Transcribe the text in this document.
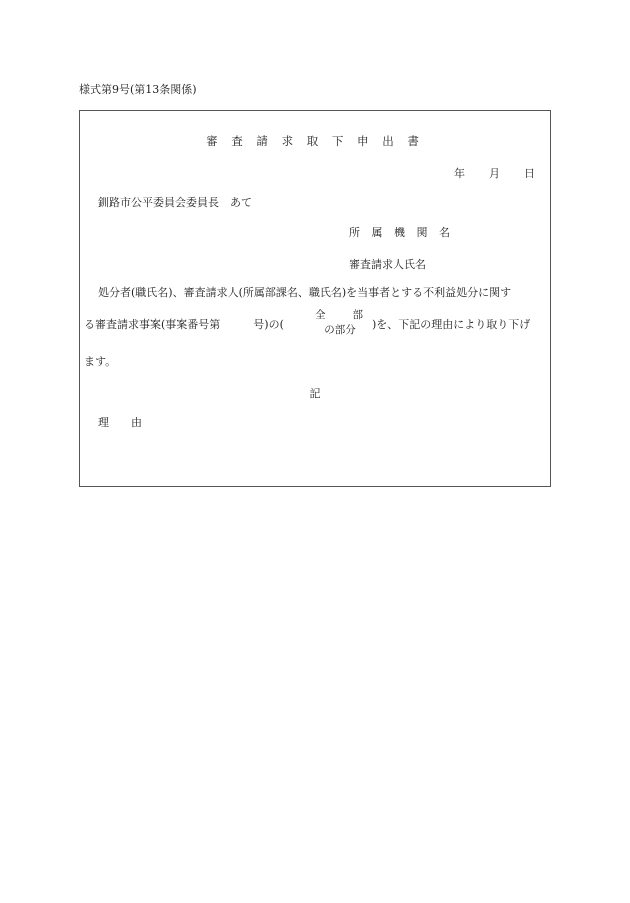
様式第9号(第13条関係)
審 査 請 求 取 下 申 出 書
年 月 日
釧路市公平委員会委員長　あて
所 属 機 関 名
審査請求人氏名
処分者(職氏名)、審査請求人(所属部課名、職氏名)を当事者とする不利益処分に関す
る審査請求事案(事案番号第　　　号)の(
全　　部
の部分	)を、下記の理由により取り下げ
ます。
記
理　　由
